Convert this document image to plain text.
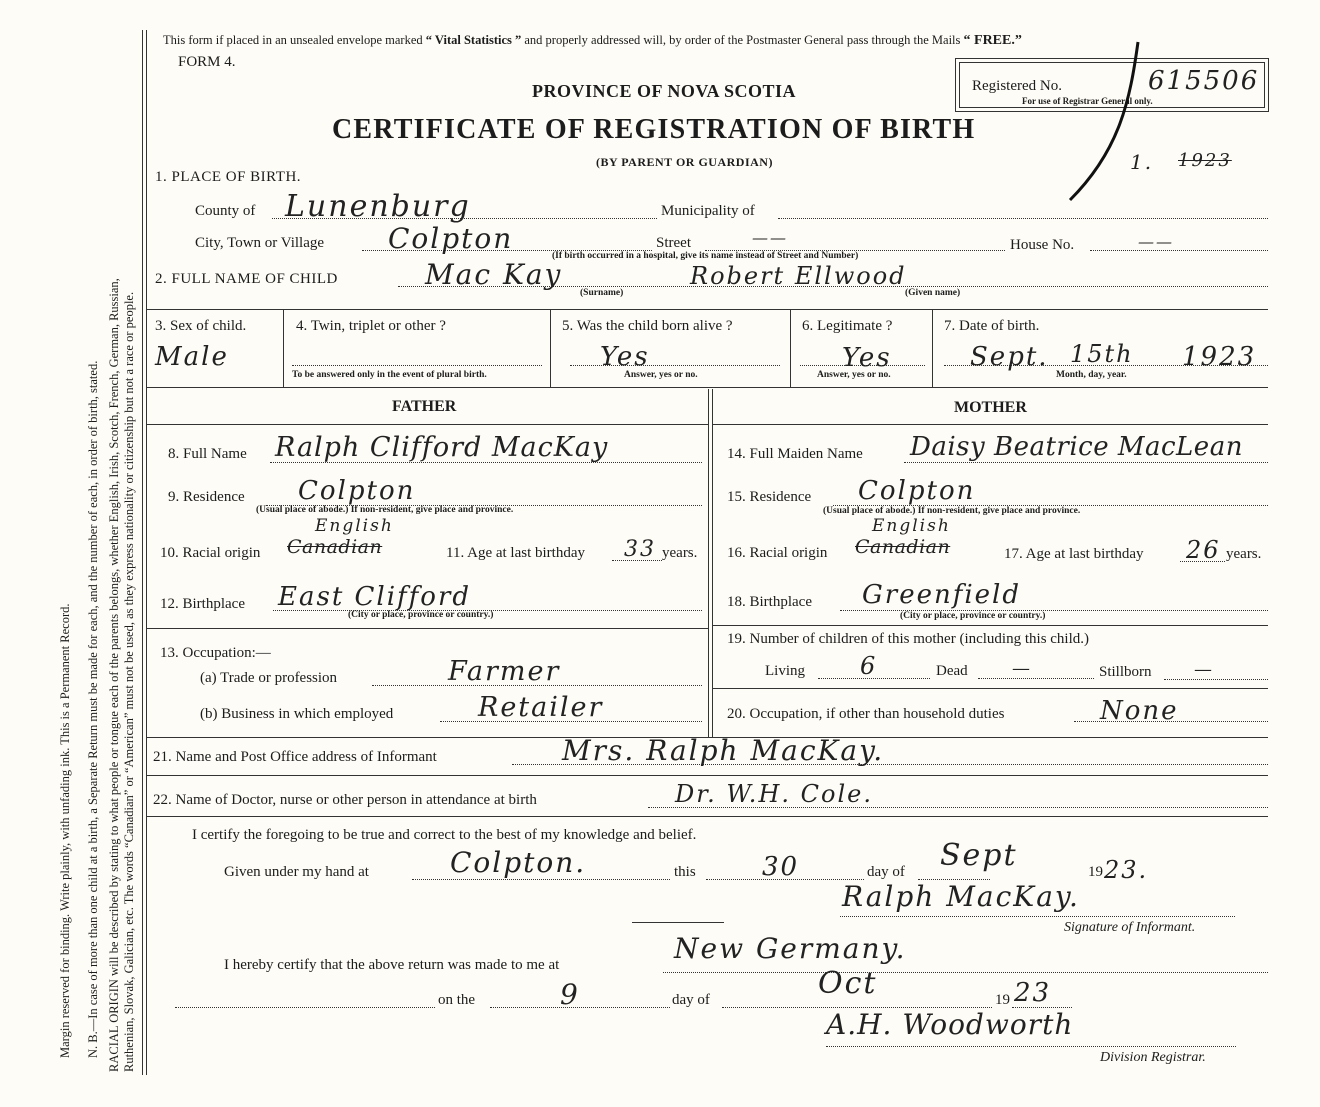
Margin reserved for binding. Write plainly, with unfading ink. This is a Permanent Record. N. B.—In case of more than one child at a birth, a Separate Return must be made for each, and the number of each, in order of birth, stated. RACIAL ORIGIN will be described by stating to what people or tongue each of the parents belongs, whether English, Irish, Scotch, French, German, Russian, Ruthenian, Slovak, Galician, etc. The words “Canadian” or “American” must not be used, as they express nationality or citizenship but not a race or people.
This form if placed in an unsealed envelope marked “ Vital Statistics ” and properly addressed will, by order of the Postmaster General pass through the Mails “ FREE.”
FORM 4.
PROVINCE OF NOVA SCOTIA
CERTIFICATE OF REGISTRATION OF BIRTH
(BY PARENT OR GUARDIAN)
Registered No.	615506
For use of Registrar General only.
1. 1923
1. PLACE OF BIRTH.
County of Lunenburg	Municipality of
City, Town or Village Colpton	Street	——	House No.	——
(If birth occurred in a hospital, give its name instead of Street and Number)
2. FULL NAME OF CHILD	Mac Kay
(Surname)
Robert Ellwood
(Given name)
3. Sex of child.
Male
4. Twin, triplet or other ?
To be answered only in the event of plural birth.
5. Was the child born alive ?
Yes
Answer, yes or no.
6. Legitimate ?
Yes
Answer, yes or no.
7. Date of birth.
Sept. 15th 1923
Month, day, year.
FATHER	MOTHER
8. Full Name Ralph Clifford MacKay
9. Residence Colpton
(Usual place of abode.) If non-resident, give place and province.
10. Racial origin
English
Canadian	11. Age at last birthday 33 years.
12. Birthplace East Clifford
(City or place, province or country.)
13. Occupation:—
(a) Trade or profession	Farmer
(b) Business in which employed	Retailer
14. Full Maiden Name Daisy Beatrice MacLean
15. Residence Colpton
(Usual place of abode.) If non-resident, give place and province.
16. Racial origin
English
Canadian	17. Age at last birthday 26 years.
18. Birthplace Greenfield
(City or place, province or country.)
19. Number of children of this mother (including this child.)
Living 6	Dead —	Stillborn —
20. Occupation, if other than household duties	None
21. Name and Post Office address of Informant	Mrs. Ralph MacKay.
22. Name of Doctor, nurse or other person in attendance at birth	Dr. W.H. Cole.
I certify the foregoing to be true and correct to the best of my knowledge and belief.
Given under my hand at	Colpton.	this	30	day of Sept	19 23.
Ralph MacKay.
Signature of Informant.
I hereby certify that the above return was made to me at	New Germany.
on the	9	day of	Oct	19 23
A.H. Woodworth
Division Registrar.
